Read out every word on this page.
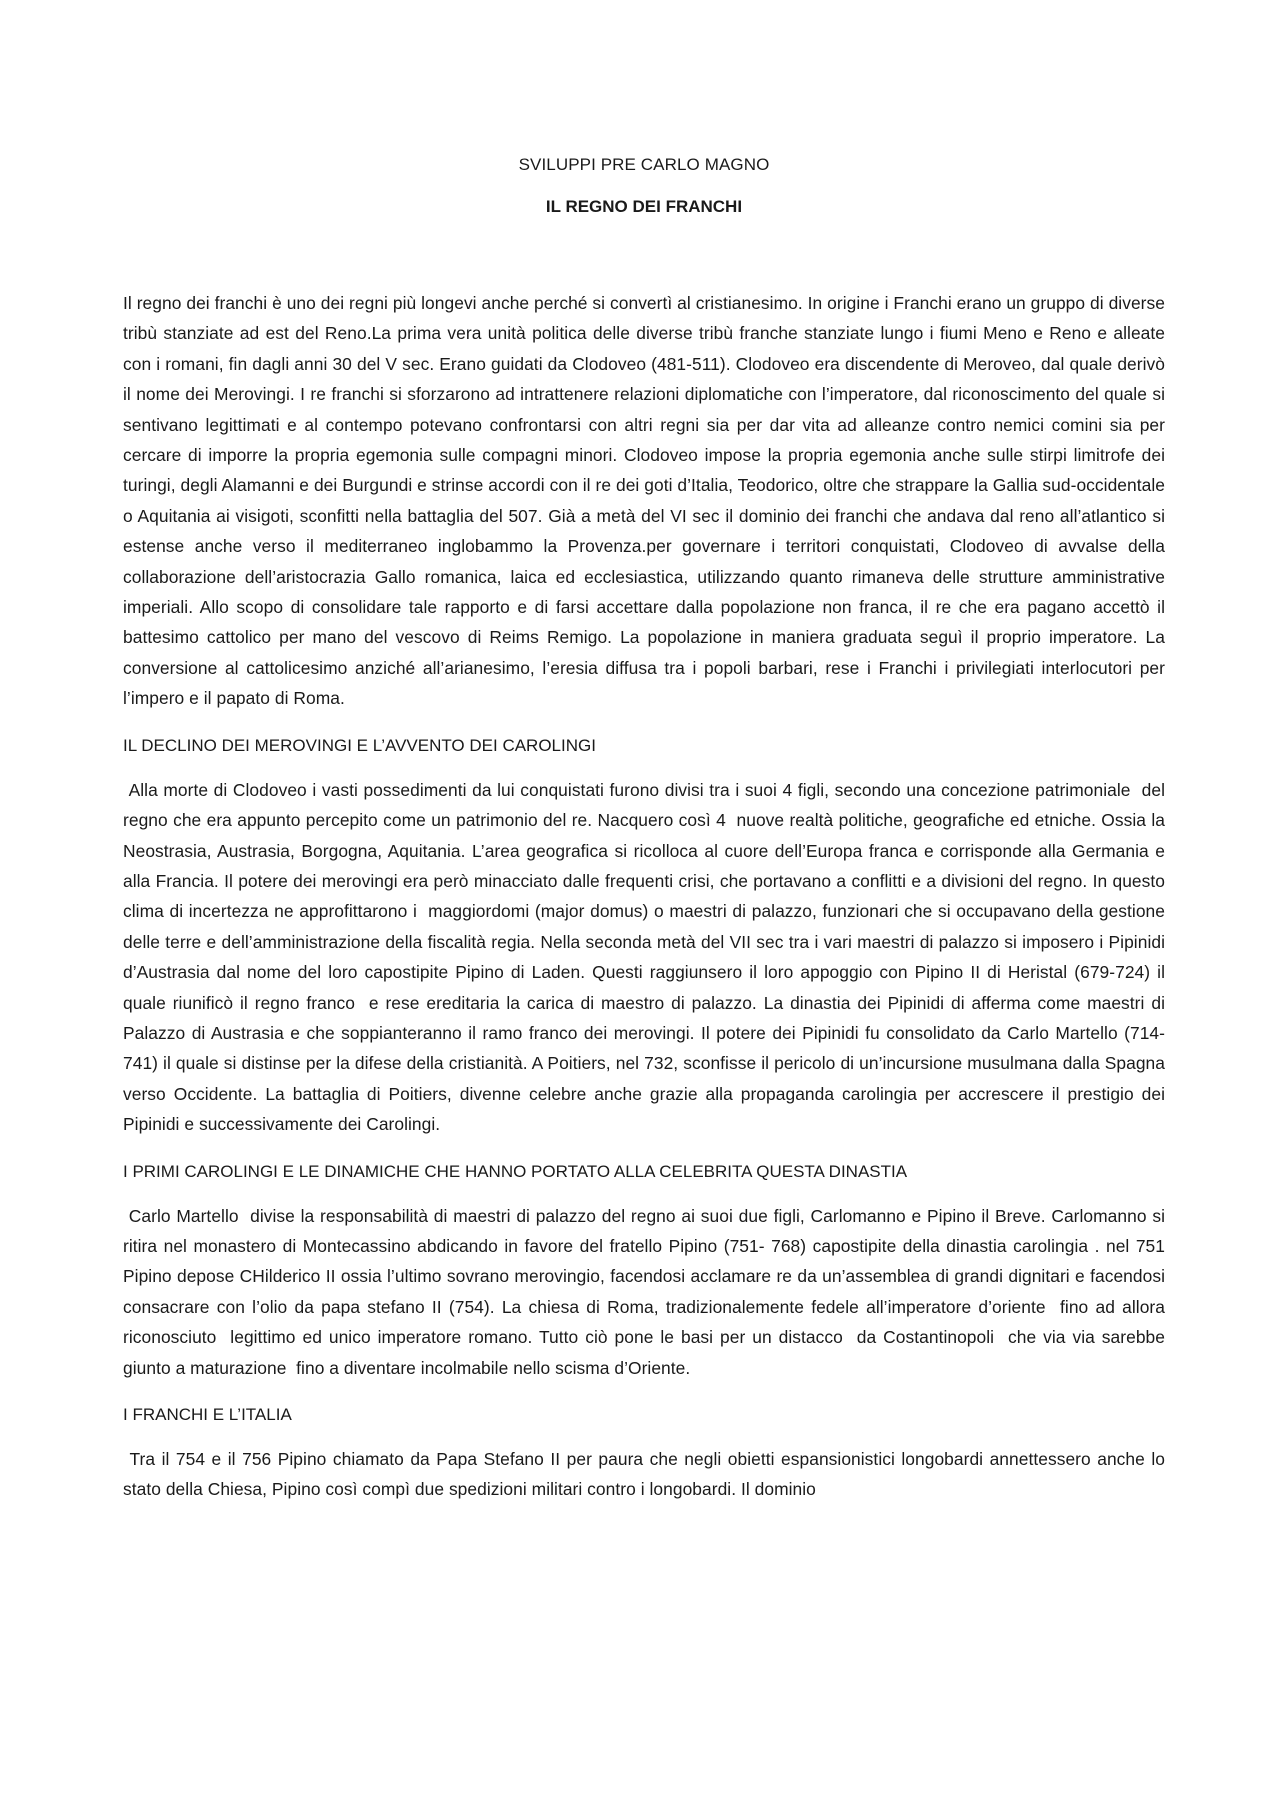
SVILUPPI PRE CARLO MAGNO
IL REGNO DEI FRANCHI

Il regno dei franchi è uno dei regni più longevi anche perché si convertì al cristianesimo. In origine i Franchi erano un gruppo di diverse tribù stanziate ad est del Reno.La prima vera unità politica delle diverse tribù franche stanziate lungo i fiumi Meno e Reno e alleate con i romani, fin dagli anni 30 del V sec. Erano guidati da Clodoveo (481-511). Clodoveo era discendente di Meroveo, dal quale derivò il nome dei Merovingi. I re franchi si sforzarono ad intrattenere relazioni diplomatiche con l’imperatore, dal riconoscimento del quale si sentivano legittimati e al contempo potevano confrontarsi con altri regni sia per dar vita ad alleanze contro nemici comini sia per cercare di imporre la propria egemonia sulle compagni minori. Clodoveo impose la propria egemonia anche sulle stirpi limitrofe dei turingi, degli Alamanni e dei Burgundi e strinse accordi con il re dei goti d’Italia, Teodorico, oltre che strappare la Gallia sud-occidentale o Aquitania ai visigoti, sconfitti nella battaglia del 507. Già a metà del VI sec il dominio dei franchi che andava dal reno all’atlantico si estense anche verso il mediterraneo inglobammo la Provenza.per governare i territori conquistati, Clodoveo di avvalse della collaborazione dell’aristocrazia Gallo romanica, laica ed ecclesiastica, utilizzando quanto rimaneva delle strutture amministrative imperiali. Allo scopo di consolidare tale rapporto e di farsi accettare dalla popolazione non franca, il re che era pagano accettò il battesimo cattolico per mano del vescovo di Reims Remigo. La popolazione in maniera graduata seguì il proprio imperatore. La conversione al cattolicesimo anziché all’arianesimo, l’eresia diffusa tra i popoli barbari, rese i Franchi i privilegiati interlocutori per l’impero e il papato di Roma.

IL DECLINO DEI MEROVINGI E L’AVVENTO DEI CAROLINGI

Alla morte di Clodoveo i vasti possedimenti da lui conquistati furono divisi tra i suoi 4 figli, secondo una concezione patrimoniale  del regno che era appunto percepito come un patrimonio del re. Nacquero così 4  nuove realtà politiche, geografiche ed etniche. Ossia la Neostrasia, Austrasia, Borgogna, Aquitania. L’area geografica si ricolloca al cuore dell’Europa franca e corrisponde alla Germania e alla Francia. Il potere dei merovingi era però minacciato dalle frequenti crisi, che portavano a conflitti e a divisioni del regno. In questo clima di incertezza ne approfittarono i  maggiordomi (major domus) o maestri di palazzo, funzionari che si occupavano della gestione delle terre e dell’amministrazione della fiscalità regia. Nella seconda metà del VII sec tra i vari maestri di palazzo si imposero i Pipinidi d’Austrasia dal nome del loro capostipite Pipino di Laden. Questi raggiunsero il loro appoggio con Pipino II di Heristal (679-724) il quale riunificò il regno franco  e rese ereditaria la carica di maestro di palazzo. La dinastia dei Pipinidi di afferma come maestri di Palazzo di Austrasia e che soppianteranno il ramo franco dei merovingi. Il potere dei Pipinidi fu consolidato da Carlo Martello (714-741) il quale si distinse per la difese della cristianità. A Poitiers, nel 732, sconfisse il pericolo di un’incursione musulmana dalla Spagna  verso Occidente. La battaglia di Poitiers, divenne celebre anche grazie alla propaganda carolingia per accrescere il prestigio dei Pipinidi e successivamente dei Carolingi.

I PRIMI CAROLINGI E LE DINAMICHE CHE HANNO PORTATO ALLA CELEBRITA QUESTA DINASTIA

Carlo Martello  divise la responsabilità di maestri di palazzo del regno ai suoi due figli, Carlomanno e Pipino il Breve. Carlomanno si ritira nel monastero di Montecassino abdicando in favore del fratello Pipino (751- 768) capostipite della dinastia carolingia . nel 751 Pipino depose CHilderico II ossia l’ultimo sovrano merovingio, facendosi acclamare re da un’assemblea di grandi dignitari e facendosi consacrare con l’olio da papa stefano II (754). La chiesa di Roma, tradizionalemente fedele all’imperatore d’oriente  fino ad allora riconosciuto  legittimo ed unico imperatore romano. Tutto ciò pone le basi per un distacco  da Costantinopoli  che via via sarebbe giunto a maturazione  fino a diventare incolmabile nello scisma d’Oriente.

I FRANCHI E L’ITALIA

Tra il 754 e il 756 Pipino chiamato da Papa Stefano II per paura che negli obietti espansionistici longobardi annettessero anche lo stato della Chiesa, Pipino così compì due spedizioni militari contro i longobardi. Il dominio
